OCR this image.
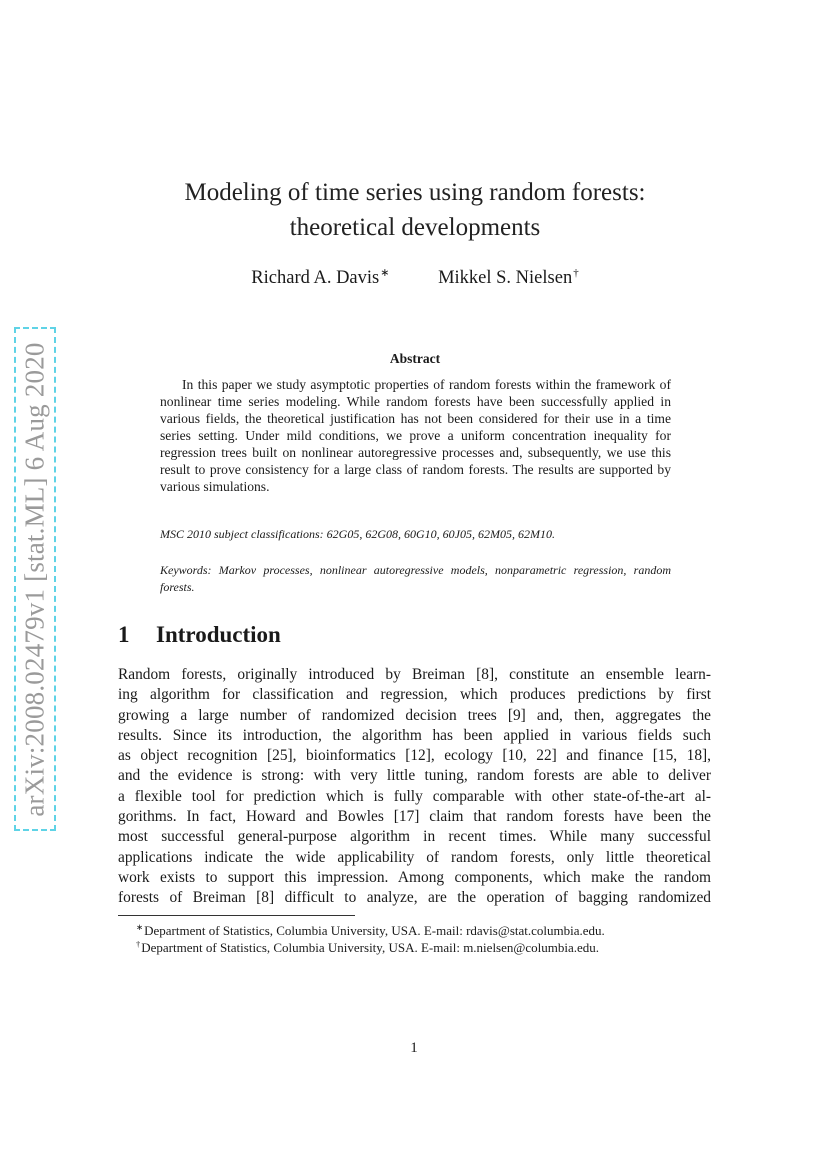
arXiv:2008.02479v1 [stat.ML] 6 Aug 2020
Modeling of time series using random forests:
theoretical developments
Richard A. Davis∗	Mikkel S. Nielsen†
Abstract
In this paper we study asymptotic properties of random forests within the framework of nonlinear time series modeling. While random forests have been successfully applied in various fields, the theoretical justification has not been considered for their use in a time series setting. Under mild conditions, we prove a uniform concentration inequality for regression trees built on nonlinear autoregressive processes and, subsequently, we use this result to prove consistency for a large class of random forests. The results are supported by various simulations.
MSC 2010 subject classifications: 62G05, 62G08, 60G10, 60J05, 62M05, 62M10.
Keywords: Markov processes, nonlinear autoregressive models, nonparametric regression, random forests.
1 Introduction
Random forests, originally introduced by Breiman [8], constitute an ensemble learn-
ing algorithm for classification and regression, which produces predictions by first
growing a large number of randomized decision trees [9] and, then, aggregates the
results. Since its introduction, the algorithm has been applied in various fields such
as object recognition [25], bioinformatics [12], ecology [10, 22] and finance [15, 18],
and the evidence is strong: with very little tuning, random forests are able to deliver
a flexible tool for prediction which is fully comparable with other state-of-the-art al-
gorithms. In fact, Howard and Bowles [17] claim that random forests have been the
most successful general-purpose algorithm in recent times. While many successful
applications indicate the wide applicability of random forests, only little theoretical
work exists to support this impression. Among components, which make the random
forests of Breiman [8] difficult to analyze, are the operation of bagging randomized
∗Department of Statistics, Columbia University, USA. E-mail: rdavis@stat.columbia.edu.
†Department of Statistics, Columbia University, USA. E-mail: m.nielsen@columbia.edu.
1
